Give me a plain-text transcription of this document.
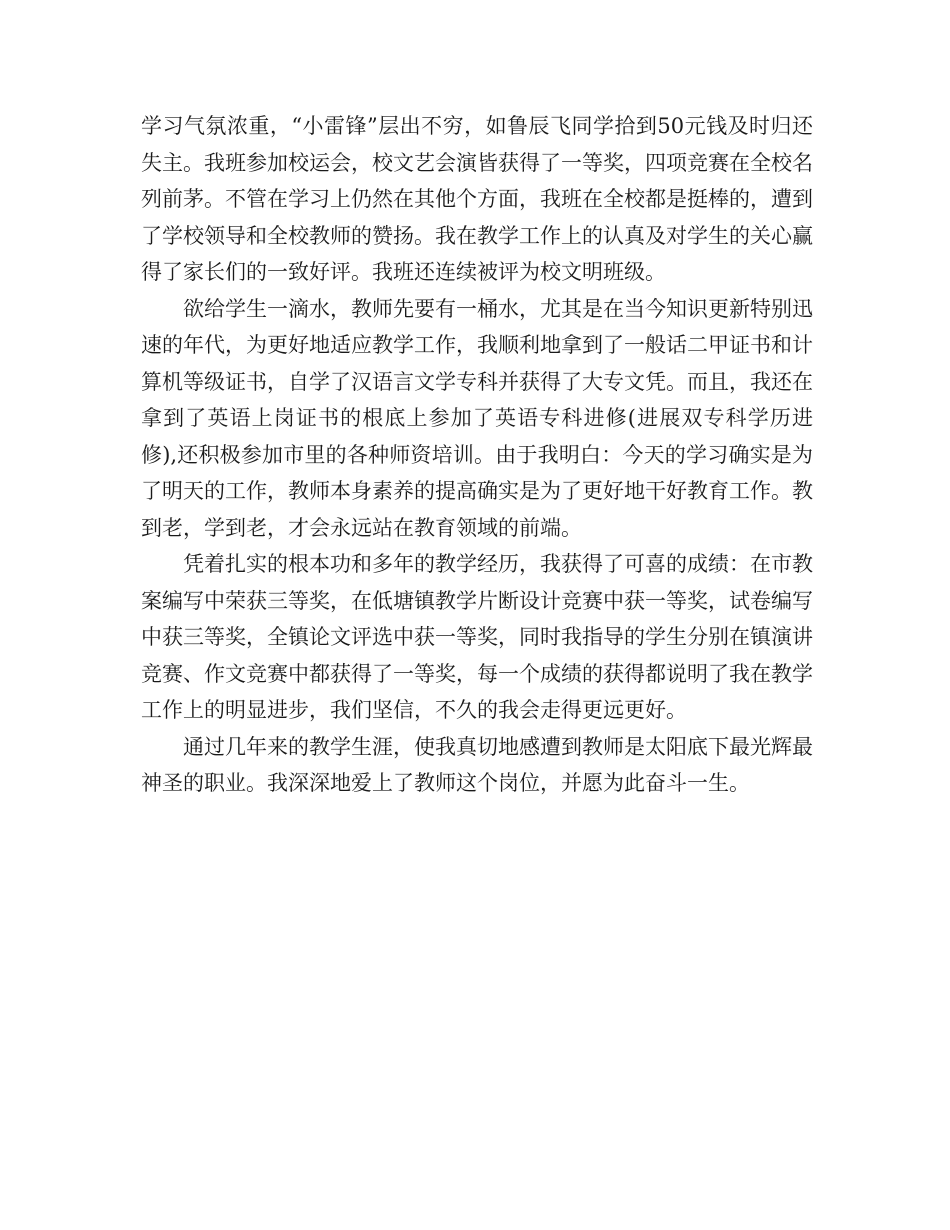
学习气氛浓重，“小雷锋”层出不穷，如鲁辰飞同学拾到50元钱及时归还失主。我班参加校运会，校文艺会演皆获得了一等奖，四项竞赛在全校名列前茅。不管在学习上仍然在其他个方面，我班在全校都是挺棒的，遭到了学校领导和全校教师的赞扬。我在教学工作上的认真及对学生的关心赢得了家长们的一致好评。我班还连续被评为校文明班级。

欲给学生一滴水，教师先要有一桶水，尤其是在当今知识更新特别迅速的年代，为更好地适应教学工作，我顺利地拿到了一般话二甲证书和计算机等级证书，自学了汉语言文学专科并获得了大专文凭。而且，我还在拿到了英语上岗证书的根底上参加了英语专科进修(进展双专科学历进修),还积极参加市里的各种师资培训。由于我明白：今天的学习确实是为了明天的工作，教师本身素养的提高确实是为了更好地干好教育工作。教到老，学到老，才会永远站在教育领域的前端。

凭着扎实的根本功和多年的教学经历，我获得了可喜的成绩：在市教案编写中荣获三等奖，在低塘镇教学片断设计竞赛中获一等奖，试卷编写中获三等奖，全镇论文评选中获一等奖，同时我指导的学生分别在镇演讲竞赛、作文竞赛中都获得了一等奖，每一个成绩的获得都说明了我在教学工作上的明显进步，我们坚信，不久的我会走得更远更好。

通过几年来的教学生涯，使我真切地感遭到教师是太阳底下最光辉最神圣的职业。我深深地爱上了教师这个岗位，并愿为此奋斗一生。
